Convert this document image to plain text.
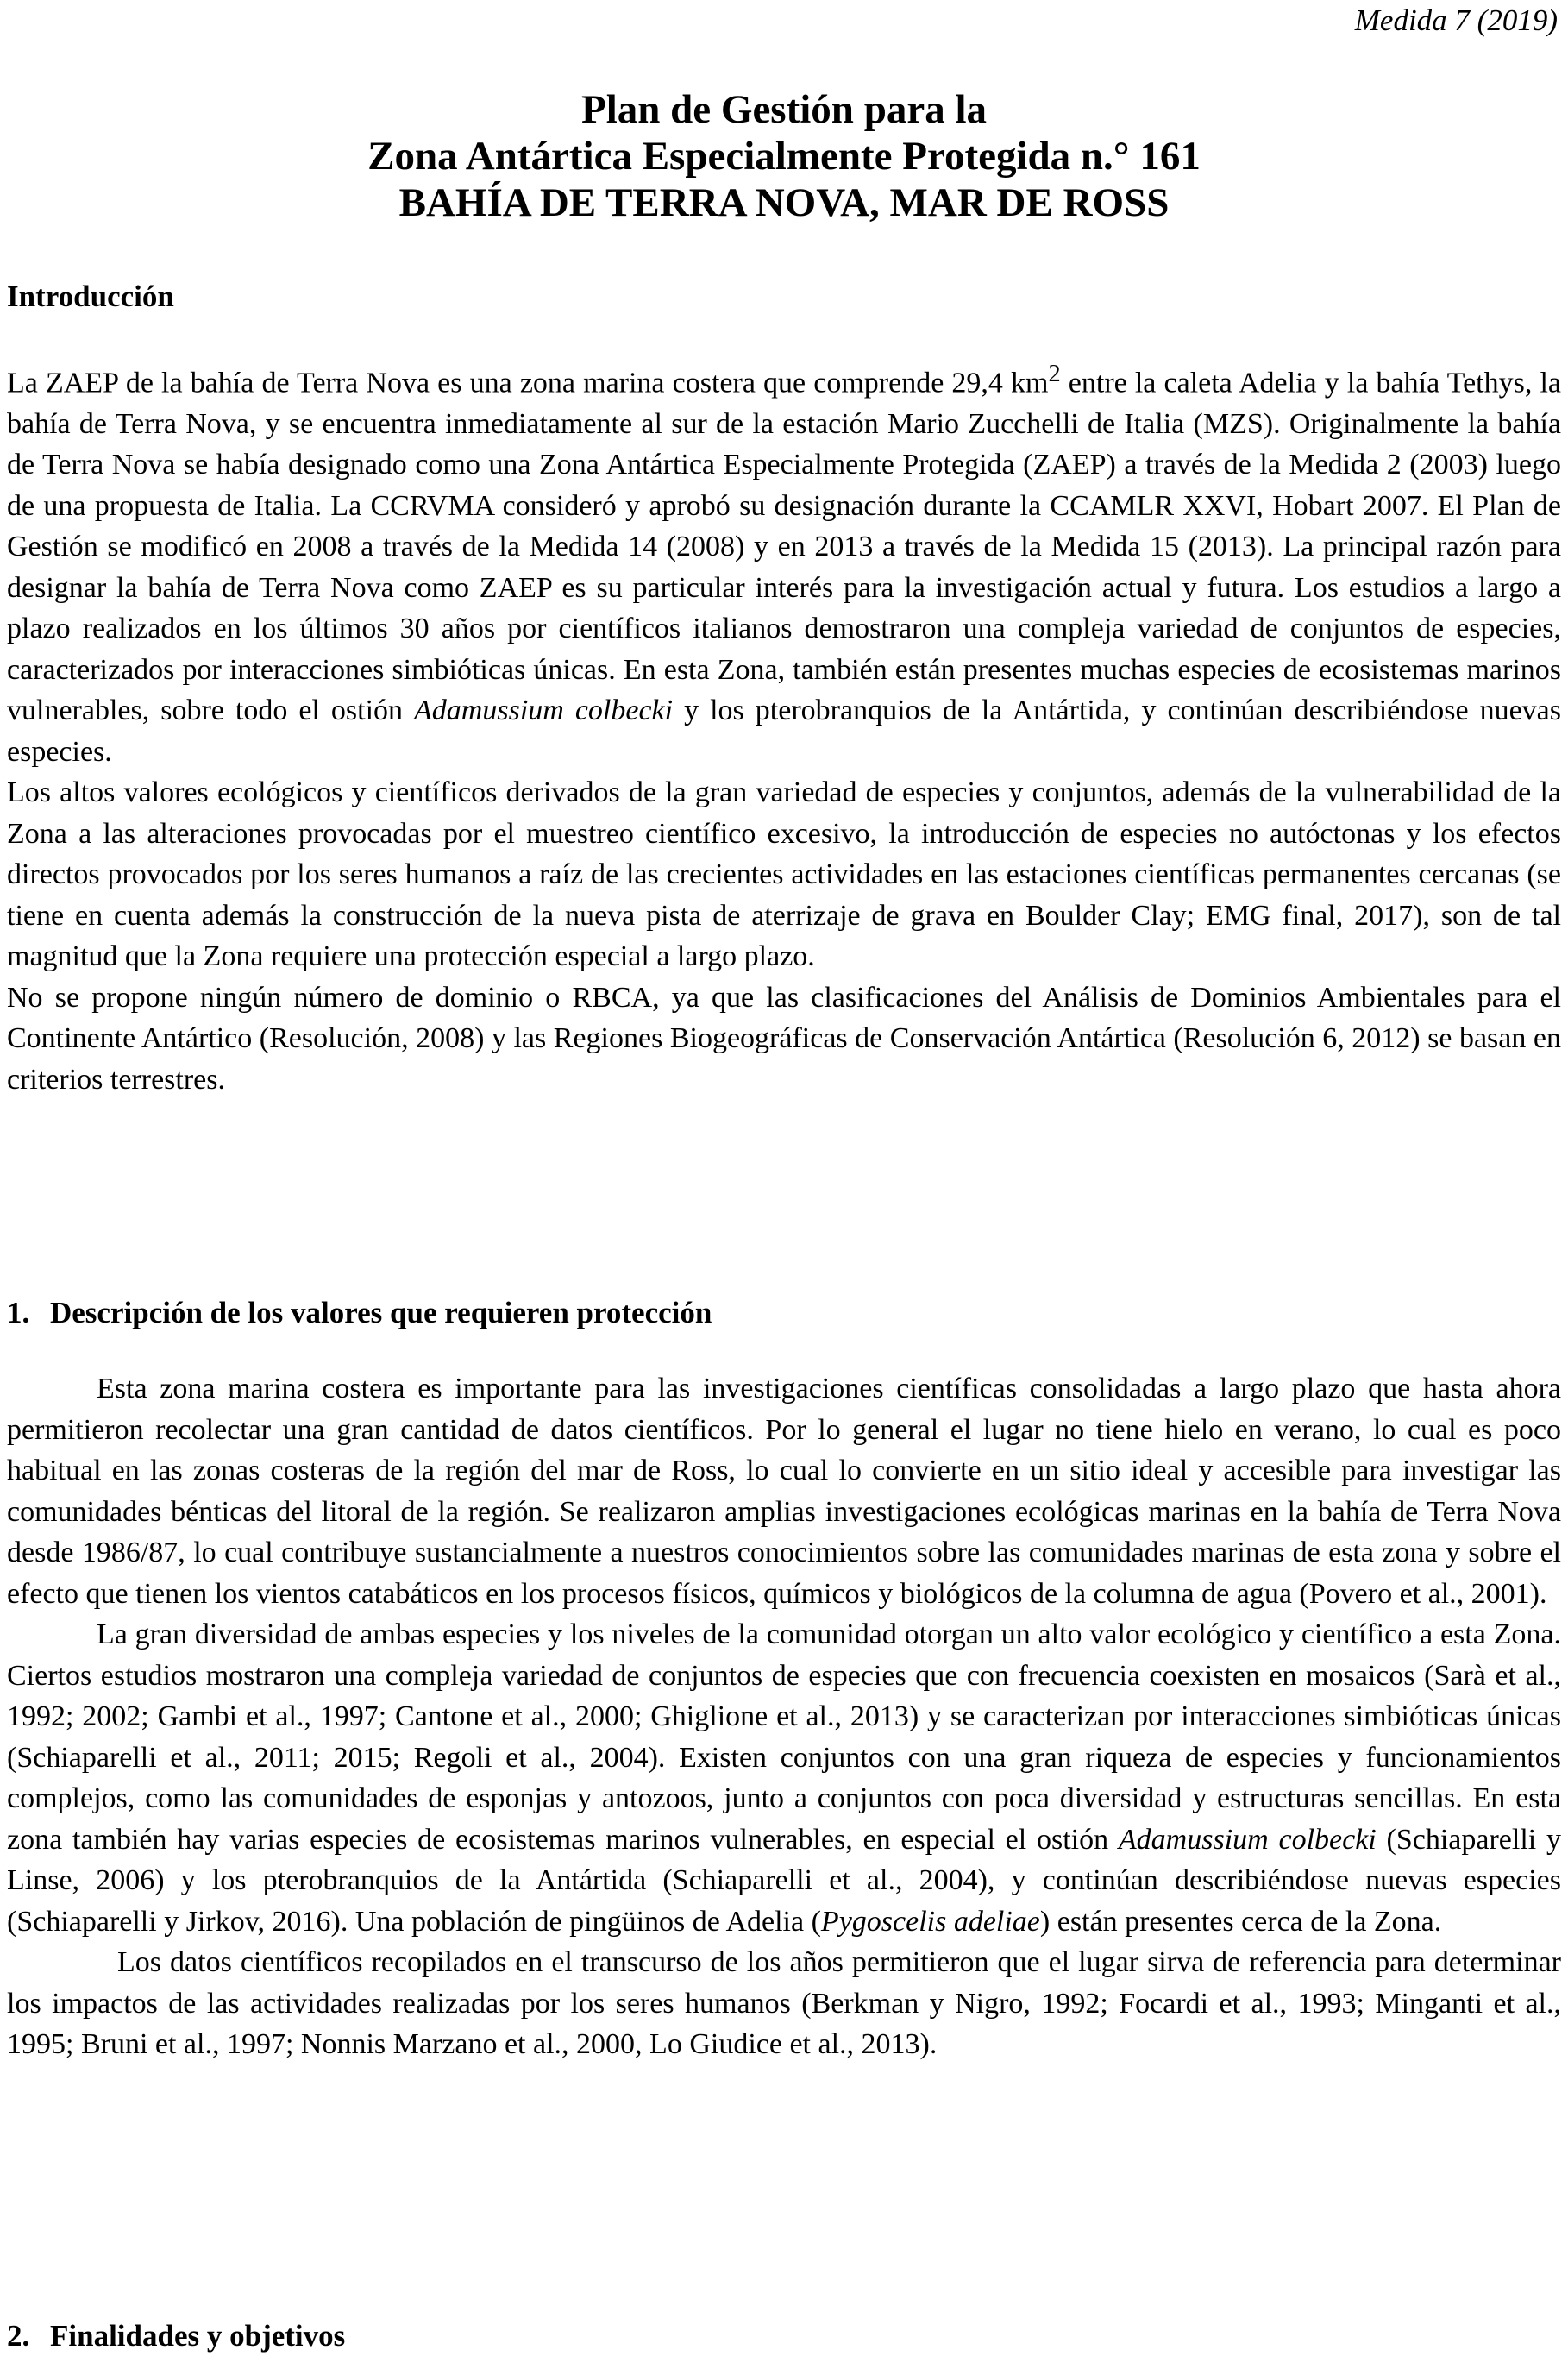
Medida 7 (2019)
Plan de Gestión para la
Zona Antártica Especialmente Protegida n.° 161
BAHÍA DE TERRA NOVA, MAR DE ROSS
Introducción

La ZAEP de la bahía de Terra Nova es una zona marina costera que comprende 29,4 $km^2$ entre la caleta Adelia y la bahía Tethys, la bahía de Terra Nova, y se encuentra inmediatamente al sur de la estación Mario Zucchelli de Italia (MZS). Originalmente la bahía de Terra Nova se había designado como una Zona Antártica Especialmente Protegida (ZAEP) a través de la Medida 2 (2003) luego de una propuesta de Italia. La CCRVMA consideró y aprobó su designación durante la CCAMLR XXVI, Hobart 2007. El Plan de Gestión se modificó en 2008 a través de la Medida 14 (2008) y en 2013 a través de la Medida 15 (2013). La principal razón para designar la bahía de Terra Nova como ZAEP es su particular interés para la investigación actual y futura. Los estudios a largo a plazo realizados en los últimos 30 años por científicos italianos demostraron una compleja variedad de conjuntos de especies, caracterizados por interacciones simbióticas únicas. En esta Zona, también están presentes muchas especies de ecosistemas marinos vulnerables, sobre todo el ostión Adamussium colbecki y los pterobranquios de la Antártida, y continúan describiéndose nuevas especies.

Los altos valores ecológicos y científicos derivados de la gran variedad de especies y conjuntos, además de la vulnerabilidad de la Zona a las alteraciones provocadas por el muestreo científico excesivo, la introducción de especies no autóctonas y los efectos directos provocados por los seres humanos a raíz de las crecientes actividades en las estaciones científicas permanentes cercanas (se tiene en cuenta además la construcción de la nueva pista de aterrizaje de grava en Boulder Clay; EMG final, 2017), son de tal magnitud que la Zona requiere una protección especial a largo plazo.

No se propone ningún número de dominio o RBCA, ya que las clasificaciones del Análisis de Dominios Ambientales para el Continente Antártico (Resolución, 2008) y las Regiones Biogeográficas de Conservación Antártica (Resolución 6, 2012) se basan en criterios terrestres.

1. Descripción de los valores que requieren protección

Esta zona marina costera es importante para las investigaciones científicas consolidadas a largo plazo que hasta ahora permitieron recolectar una gran cantidad de datos científicos. Por lo general el lugar no tiene hielo en verano, lo cual es poco habitual en las zonas costeras de la región del mar de Ross, lo cual lo convierte en un sitio ideal y accesible para investigar las comunidades bénticas del litoral de la región. Se realizaron amplias investigaciones ecológicas marinas en la bahía de Terra Nova desde 1986/87, lo cual contribuye sustancialmente a nuestros conocimientos sobre las comunidades marinas de esta zona y sobre el efecto que tienen los vientos catabáticos en los procesos físicos, químicos y biológicos de la columna de agua (Povero et al., 2001).

La gran diversidad de ambas especies y los niveles de la comunidad otorgan un alto valor ecológico y científico a esta Zona. Ciertos estudios mostraron una compleja variedad de conjuntos de especies que con frecuencia coexisten en mosaicos (Sarà et al., 1992; 2002; Gambi et al., 1997; Cantone et al., 2000; Ghiglione et al., 2013) y se caracterizan por interacciones simbióticas únicas (Schiaparelli et al., 2011; 2015; Regoli et al., 2004). Existen conjuntos con una gran riqueza de especies y funcionamientos complejos, como las comunidades de esponjas y antozoos, junto a conjuntos con poca diversidad y estructuras sencillas. En esta zona también hay varias especies de ecosistemas marinos vulnerables, en especial el ostión Adamussium colbecki (Schiaparelli y Linse, 2006) y los pterobranquios de la Antártida (Schiaparelli et al., 2004), y continúan describiéndose nuevas especies (Schiaparelli y Jirkov, 2016). Una población de pingüinos de Adelia (Pygoscelis adeliae) están presentes cerca de la Zona.

Los datos científicos recopilados en el transcurso de los años permitieron que el lugar sirva de referencia para determinar los impactos de las actividades realizadas por los seres humanos (Berkman y Nigro, 1992; Focardi et al., 1993; Minganti et al., 1995; Bruni et al., 1997; Nonnis Marzano et al., 2000, Lo Giudice et al., 2013).

2. Finalidades y objetivos
